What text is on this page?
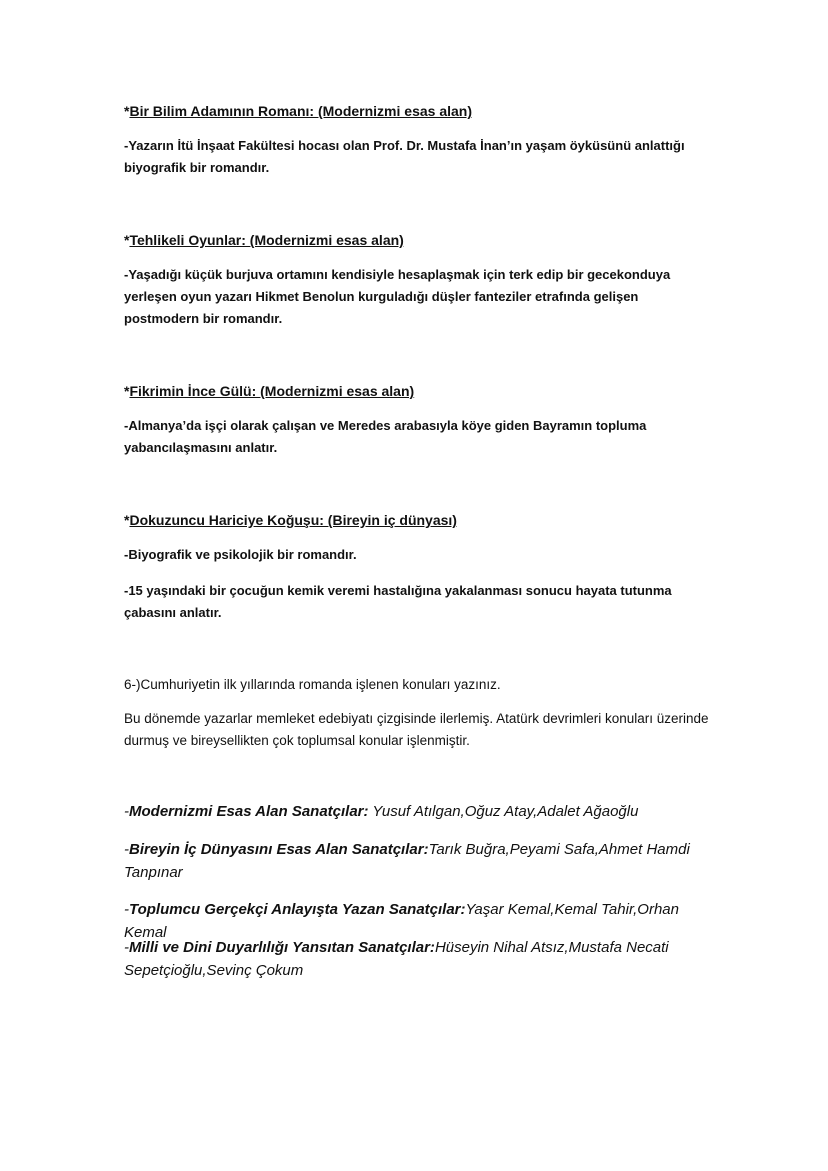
*Bir Bilim Adamının Romanı: (Modernizmi esas alan)
-Yazarın İtü İnşaat Fakültesi hocası olan Prof. Dr. Mustafa İnan’ın yaşam öyküsünü anlattığı biyografik bir romandır.
*Tehlikeli Oyunlar: (Modernizmi esas alan)
-Yaşadığı küçük burjuva ortamını kendisiyle hesaplaşmak için terk edip bir gecekonduya yerleşen oyun yazarı Hikmet Benolun kurguladığı düşler fanteziler etrafında gelişen postmodern bir romandır.
*Fikrimin İnce Gülü: (Modernizmi esas alan)
-Almanya’da işçi olarak çalışan ve Meredes arabasıyla köye giden Bayramın topluma yabancılaşmasını anlatır.
*Dokuzuncu Hariciye Koğuşu: (Bireyin iç dünyası)
-Biyografik ve psikolojik bir romandır.
-15 yaşındaki bir çocuğun kemik veremi hastalığına yakalanması sonucu hayata tutunma çabasını anlatır.
6-)Cumhuriyetin ilk yıllarında romanda işlenen konuları yazınız.
Bu dönemde yazarlar memleket edebiyatı çizgisinde ilerlemiş. Atatürk devrimleri konuları üzerinde durmuş ve bireysellikten çok toplumsal konular işlenmiştir.
-Modernizmi Esas Alan Sanatçılar: Yusuf Atılgan,Oğuz Atay,Adalet Ağaoğlu
-Bireyin İç Dünyasını Esas Alan Sanatçılar:Tarık Buğra,Peyami Safa,Ahmet Hamdi Tanpınar
-Toplumcu Gerçekçi Anlayışta Yazan Sanatçılar:Yaşar Kemal,Kemal Tahir,Orhan Kemal
-Milli ve Dini Duyarlılığı Yansıtan Sanatçılar:Hüseyin Nihal Atsız,Mustafa Necati Sepetçioğlu,Sevinç Çokum
